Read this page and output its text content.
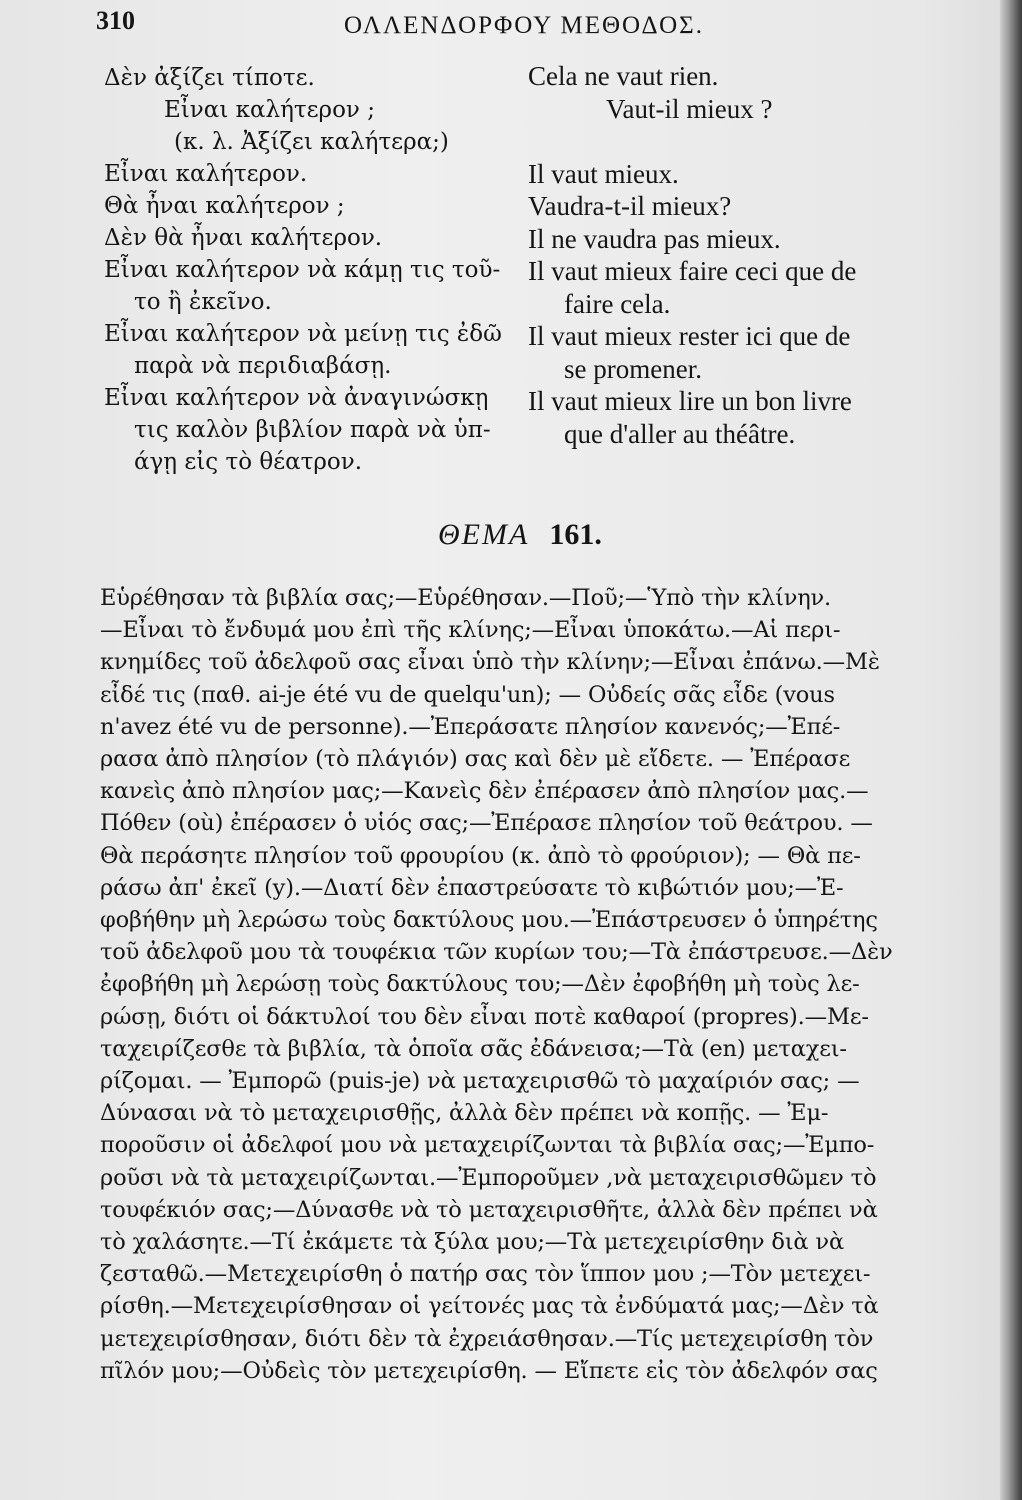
310	ΟΛΛΕΝΔΟΡΦΟΥ ΜΕΘΟΔΟΣ.
Δὲν ἀξίζει τίποτε.
Εἶναι καλήτερον ;
(κ. λ. Ἀξίζει καλήτερα;)
Εἶναι καλήτερον.
Θὰ ἦναι καλήτερον ;
Δὲν θὰ ἦναι καλήτερον.
Εἶναι καλήτερον νὰ κάμῃ τις τοῦ-
το ἢ ἐκεῖνο.
Εἶναι καλήτερον νὰ μείνῃ τις ἐδῶ
παρὰ νὰ περιδιαβάσῃ.
Εἶναι καλήτερον νὰ ἀναγινώσκῃ
τις καλὸν βιβλίον παρὰ νὰ ὑπ-
άγῃ εἰς τὸ θέατρον.
Cela ne vaut rien.
Vaut-il mieux ?

Il vaut mieux.
Vaudra-t-il mieux?
Il ne vaudra pas mieux.
Il vaut mieux faire ceci que de
faire cela.
Il vaut mieux rester ici que de
se promener.
Il vaut mieux lire un bon livre
que d'aller au théâtre.
ΘΕΜΑ 161.
Εὑρέθησαν τὰ βιβλία σας;—Εὑρέθησαν.—Ποῦ;—Ὑπὸ τὴν κλίνην.
—Εἶναι τὸ ἔνδυμά μου ἐπὶ τῆς κλίνης;—Εἶναι ὑποκάτω.—Αἱ περι-
κνημίδες τοῦ ἀδελφοῦ σας εἶναι ὑπὸ τὴν κλίνην;—Εἶναι ἐπάνω.—Μὲ
εἶδέ τις (παθ. ai-je été vu de quelqu'un); — Οὐδείς σᾶς εἶδε (vous
n'avez été vu de personne).—Ἐπεράσατε πλησίον κανενός;—Ἐπέ-
ρασα ἀπὸ πλησίον (τὸ πλάγιόν) σας καὶ δὲν μὲ εἴδετε. — Ἐπέρασε
κανεὶς ἀπὸ πλησίον μας;—Κανεὶς δὲν ἐπέρασεν ἀπὸ πλησίον μας.—
Πόθεν (où) ἐπέρασεν ὁ υἱός σας;—Ἐπέρασε πλησίον τοῦ θεάτρου. —
Θὰ περάσητε πλησίον τοῦ φρουρίου (κ. ἀπὸ τὸ φρούριον); — Θὰ πε-
ράσω ἀπ' ἐκεῖ (y).—Διατί δὲν ἐπαστρεύσατε τὸ κιβώτιόν μου;—Ἐ-
φοβήθην μὴ λερώσω τοὺς δακτύλους μου.—Ἐπάστρευσεν ὁ ὑπηρέτης
τοῦ ἀδελφοῦ μου τὰ τουφέκια τῶν κυρίων του;—Τὰ ἐπάστρευσε.—Δὲν
ἐφοβήθη μὴ λερώσῃ τοὺς δακτύλους του;—Δὲν ἐφοβήθη μὴ τοὺς λε-
ρώσῃ, διότι οἱ δάκτυλοί του δὲν εἶναι ποτὲ καθαροί (propres).—Με-
ταχειρίζεσθε τὰ βιβλία, τὰ ὁποῖα σᾶς ἐδάνεισα;—Τὰ (en) μεταχει-
ρίζομαι. — Ἐμπορῶ (puis-je) νὰ μεταχειρισθῶ τὸ μαχαίριόν σας; —
Δύνασαι νὰ τὸ μεταχειρισθῇς, ἀλλὰ δὲν πρέπει νὰ κοπῇς. — Ἐμ-
ποροῦσιν οἱ ἀδελφοί μου νὰ μεταχειρίζωνται τὰ βιβλία σας;—Ἐμπο-
ροῦσι νὰ τὰ μεταχειρίζωνται.—Ἐμποροῦμεν ,νὰ μεταχειρισθῶμεν τὸ
τουφέκιόν σας;—Δύνασθε νὰ τὸ μεταχειρισθῆτε, ἀλλὰ δὲν πρέπει νὰ
τὸ χαλάσητε.—Τί ἐκάμετε τὰ ξύλα μου;—Τὰ μετεχειρίσθην διὰ νὰ
ζεσταθῶ.—Μετεχειρίσθη ὁ πατήρ σας τὸν ἵππον μου ;—Τὸν μετεχει-
ρίσθη.—Μετεχειρίσθησαν οἱ γείτονές μας τὰ ἐνδύματά μας;—Δὲν τὰ
μετεχειρίσθησαν, διότι δὲν τὰ ἐχρειάσθησαν.—Τίς μετεχειρίσθη τὸν
πῖλόν μου;—Οὐδεὶς τὸν μετεχειρίσθη. — Εἴπετε εἰς τὸν ἀδελφόν σας
